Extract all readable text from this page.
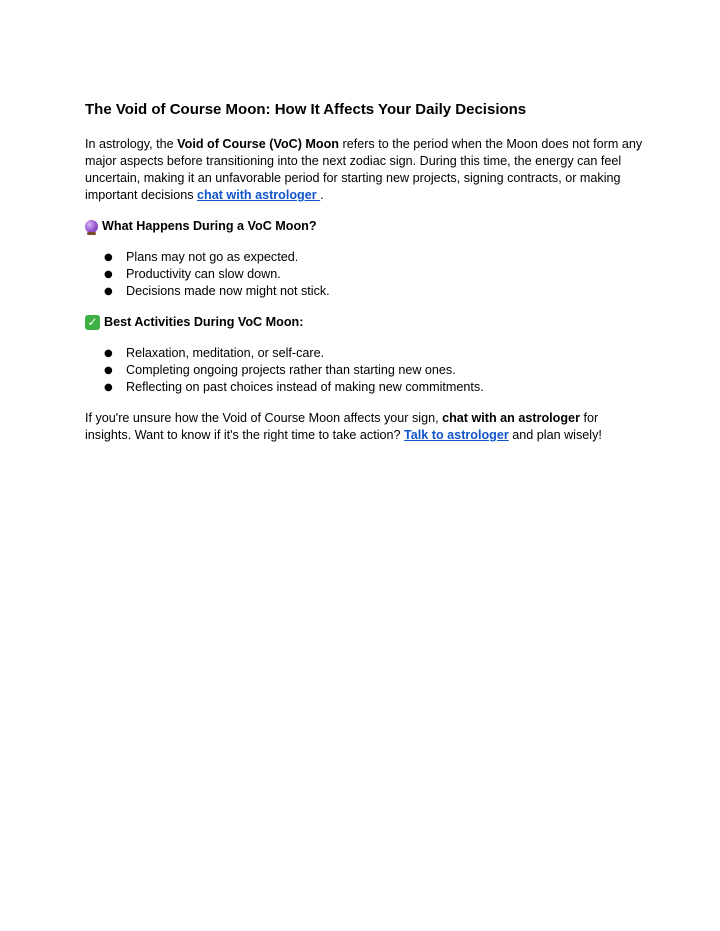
The Void of Course Moon: How It Affects Your Daily Decisions

In astrology, the Void of Course (VoC) Moon refers to the period when the Moon does not form any major aspects before transitioning into the next zodiac sign. During this time, the energy can feel uncertain, making it an unfavorable period for starting new projects, signing contracts, or making important decisions chat with astrologer .

What Happens During a VoC Moon?
● Plans may not go as expected.
● Productivity can slow down.
● Decisions made now might not stick.
✓ Best Activities During VoC Moon:
● Relaxation, meditation, or self-care.
● Completing ongoing projects rather than starting new ones.
● Reflecting on past choices instead of making new commitments.

If you're unsure how the Void of Course Moon affects your sign, chat with an astrologer for insights. Want to know if it's the right time to take action? Talk to astrologer and plan wisely!
